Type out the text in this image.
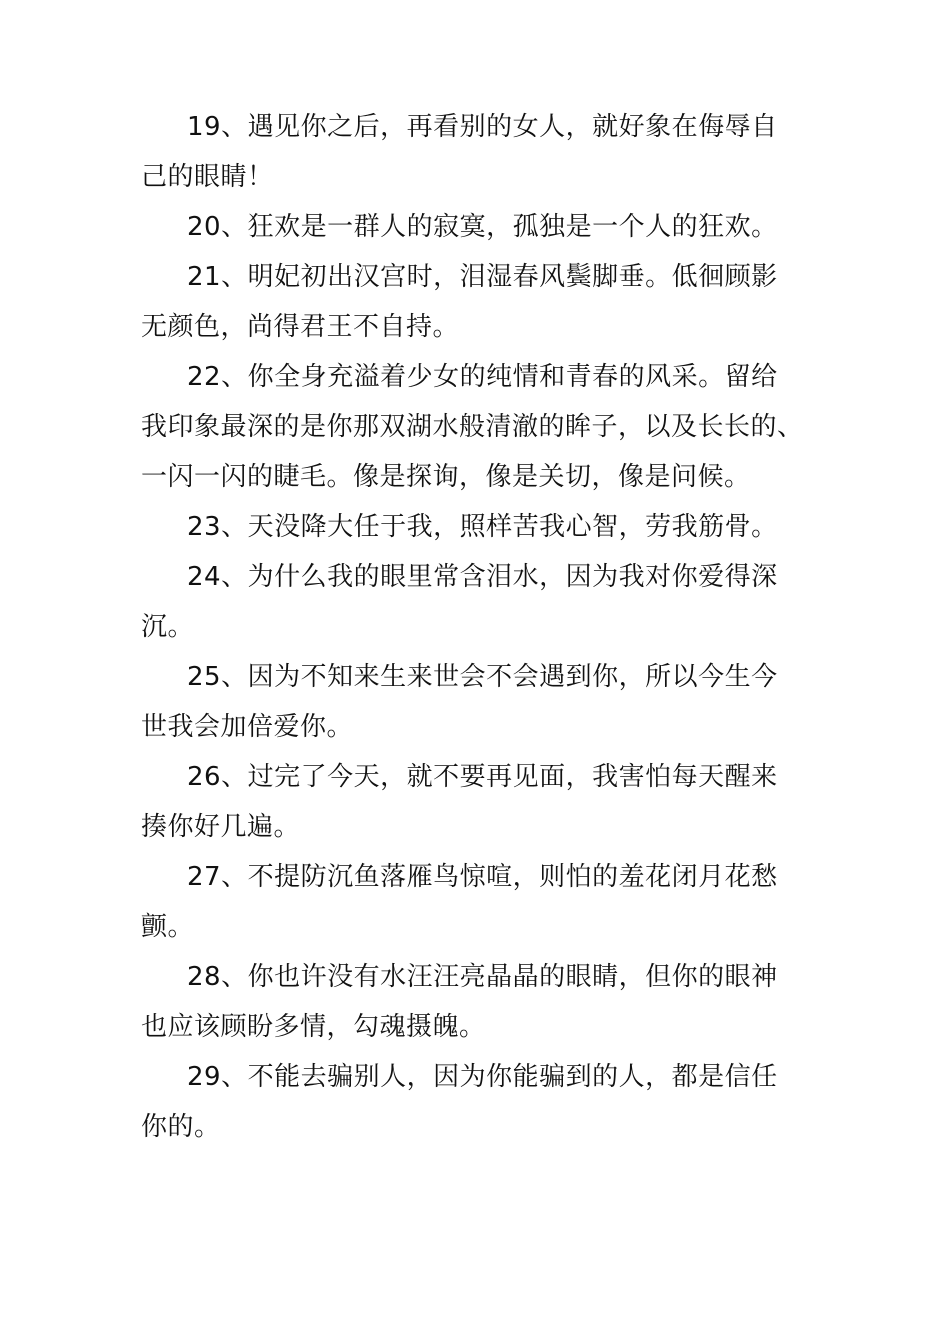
19、遇见你之后，再看别的女人，就好象在侮辱自
己的眼睛！
20、狂欢是一群人的寂寞，孤独是一个人的狂欢。
21、明妃初出汉宫时，泪湿春风鬓脚垂。低徊顾影
无颜色，尚得君王不自持。
22、你全身充溢着少女的纯情和青春的风采。留给
我印象最深的是你那双湖水般清澈的眸子，以及长长的、
一闪一闪的睫毛。像是探询，像是关切，像是问候。
23、天没降大任于我，照样苦我心智，劳我筋骨。
24、为什么我的眼里常含泪水，因为我对你爱得深
沉。
25、因为不知来生来世会不会遇到你，所以今生今
世我会加倍爱你。
26、过完了今天，就不要再见面，我害怕每天醒来
揍你好几遍。
27、不提防沉鱼落雁鸟惊喧，则怕的羞花闭月花愁
颤。
28、你也许没有水汪汪亮晶晶的眼睛，但你的眼神
也应该顾盼多情，勾魂摄魄。
29、不能去骗别人，因为你能骗到的人，都是信任
你的。
